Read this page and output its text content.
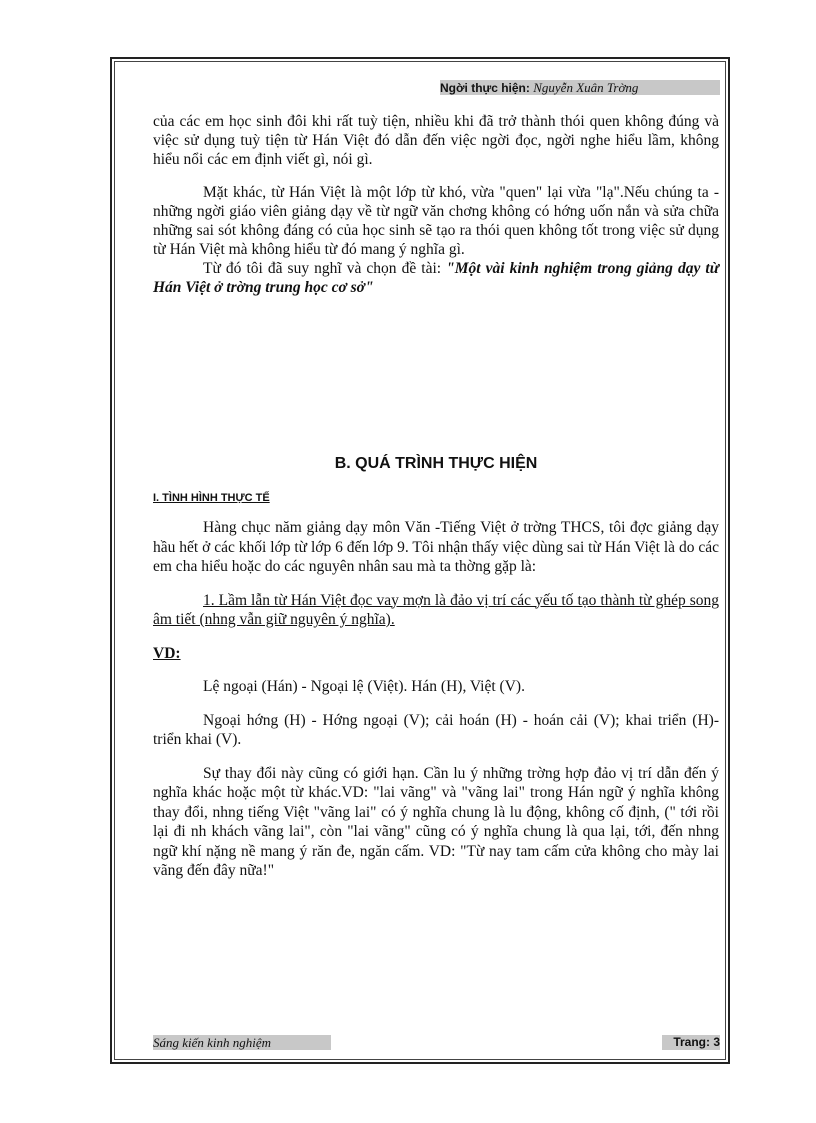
Ngời thực hiện: Nguyễn Xuân Trờng

của các em học sinh đôi khi rất tuỳ tiện, nhiều khi đã trở thành thói quen không đúng và việc sử dụng tuỳ tiện từ Hán Việt đó dẫn đến việc ngời đọc, ngời nghe hiểu lầm, không hiểu nổi các em định viết gì, nói gì.

Mặt khác, từ Hán Việt là một lớp từ khó, vừa "quen" lại vừa "lạ".Nếu chúng ta - những ngời giáo viên giảng dạy về từ ngữ văn chơng không có hớng uốn nắn và sửa chữa những sai sót không đáng có của học sinh sẽ tạo ra thói quen không tốt trong việc sử dụng từ Hán Việt mà không hiểu từ đó mang ý nghĩa gì.

Từ đó tôi đã suy nghĩ và chọn đề tài: "Một vài kinh nghiệm trong giảng dạy từ Hán Việt ở trờng trung học cơ sở"

B. QUÁ TRÌNH THỰC HIỆN
I. TÌNH HÌNH THỰC TẾ

Hàng chục năm giảng dạy môn Văn -Tiếng Việt ở trờng THCS, tôi đợc giảng dạy hầu hết ở các khối lớp từ lớp 6 đến lớp 9. Tôi nhận thấy việc dùng sai từ Hán Việt là do các em cha hiểu hoặc do các nguyên nhân sau mà ta thờng gặp là:

1. Lầm lẫn từ Hán Việt đọc vay mợn là đảo vị trí các yếu tố tạo thành từ ghép song âm tiết (nhng vẫn giữ nguyên ý nghĩa).

VD:

Lệ ngoại (Hán) - Ngoại lệ (Việt). Hán (H), Việt (V).

Ngoại hớng (H) - Hớng ngoại (V); cải hoán (H) - hoán cải (V); khai triển (H)- triển khai (V).

Sự thay đổi này cũng có giới hạn. Cần lu ý những trờng hợp đảo vị trí dẫn đến ý nghĩa khác hoặc một từ khác.VD: "lai vãng" và "vãng lai" trong Hán ngữ ý nghĩa không thay đổi, nhng tiếng Việt "vãng lai" có ý nghĩa chung là lu động, không cố định, (" tới rồi lại đi nh khách vãng lai", còn "lai vãng" cũng có ý nghĩa chung là qua lại, tới, đến nhng ngữ khí nặng nề mang ý răn đe, ngăn cấm. VD: "Từ nay tam cấm cửa không cho mày lai vãng đến đây nữa!"

Sáng kiến kinh nghiệm	Trang: 3
